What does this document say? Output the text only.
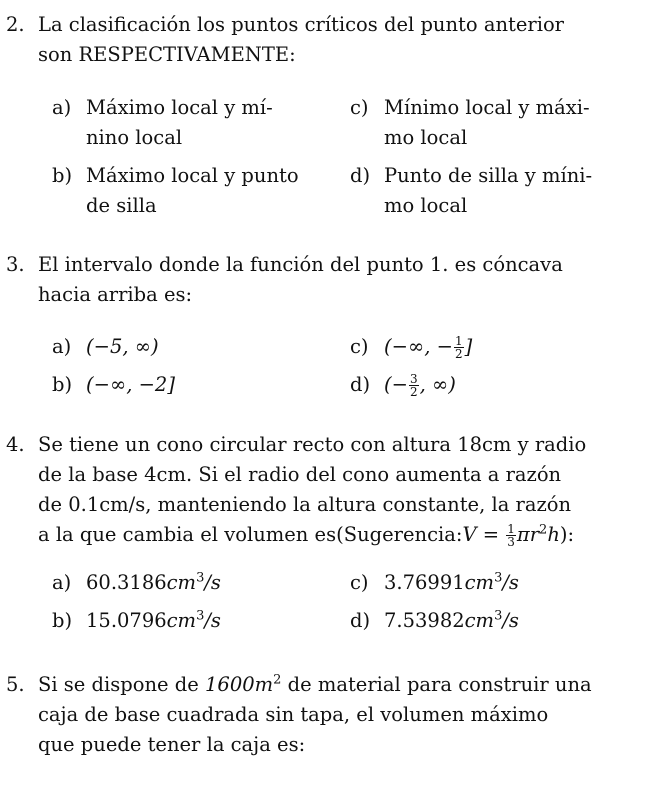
2. La clasificación los puntos críticos del punto anterior
son RESPECTIVAMENTE:
a) Máximo local y mí-
nino local
c) Mínimo local y máxi-
mo local
b) Máximo local y punto
de silla
d) Punto de silla y míni-
mo local
3. El intervalo donde la función del punto 1. es cóncava
hacia arriba es:
a) (−5, ∞)	c) (−∞, − $\frac{1}{2}$ ]
b) (−∞, −2]	d) (− $\frac{3}{2}$ , ∞)
4. Se tiene un cono circular recto con altura 18cm y radio
de la base 4cm. Si el radio del cono aumenta a razón
de 0.1cm/s, manteniendo la altura constante, la razón
a la que cambia el volumen es(Sugerencia:V = $\frac{1}{3} \pi r^2h$):
a) $60.3186cm^3/s$	c) $3.76991cm^3/s$
b) $15.0796cm^3/s$	d) $7.53982cm^3/s$
5. Si se dispone de $1600m^2$ de material para construir una
caja de base cuadrada sin tapa, el volumen máximo
que puede tener la caja es:
